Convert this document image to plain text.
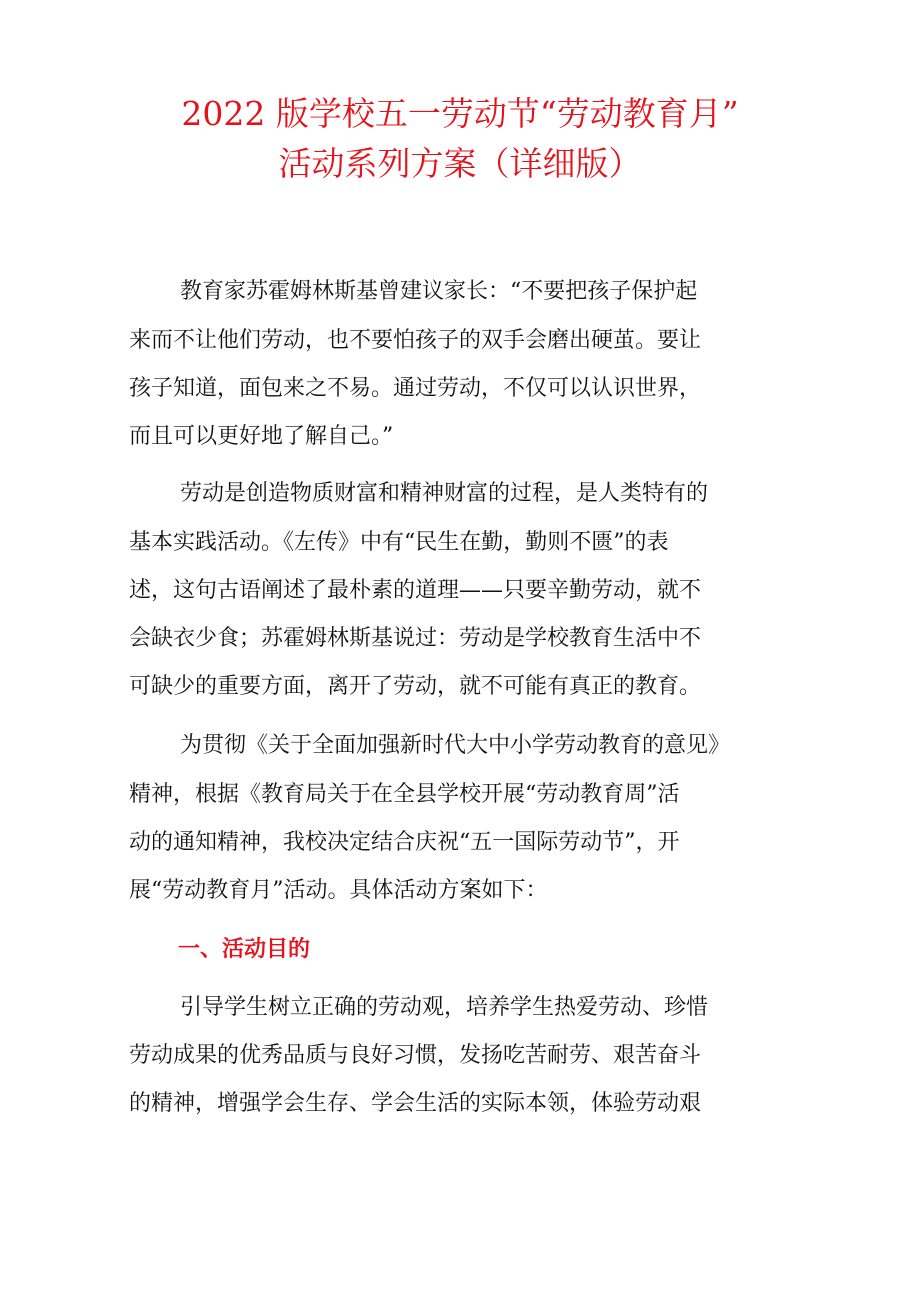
2022 版学校五一劳动节“劳动教育月”
活动系列方案（详细版）
教育家苏霍姆林斯基曾建议家长：“不要把孩子保护起
来而不让他们劳动，也不要怕孩子的双手会磨出硬茧。要让
孩子知道，面包来之不易。通过劳动，不仅可以认识世界，
而且可以更好地了解自己。”
劳动是创造物质财富和精神财富的过程，是人类特有的
基本实践活动。《左传》中有“民生在勤，勤则不匮”的表
述，这句古语阐述了最朴素的道理——只要辛勤劳动，就不
会缺衣少食；苏霍姆林斯基说过：劳动是学校教育生活中不
可缺少的重要方面，离开了劳动，就不可能有真正的教育。
为贯彻《关于全面加强新时代大中小学劳动教育的意见》
精神，根据《教育局关于在全县学校开展“劳动教育周”活
动的通知精神，我校决定结合庆祝“五一国际劳动节”，开
展“劳动教育月”活动。具体活动方案如下：
一、活动目的
引导学生树立正确的劳动观，培养学生热爱劳动、珍惜
劳动成果的优秀品质与良好习惯，发扬吃苦耐劳、艰苦奋斗
的精神，增强学会生存、学会生活的实际本领，体验劳动艰
